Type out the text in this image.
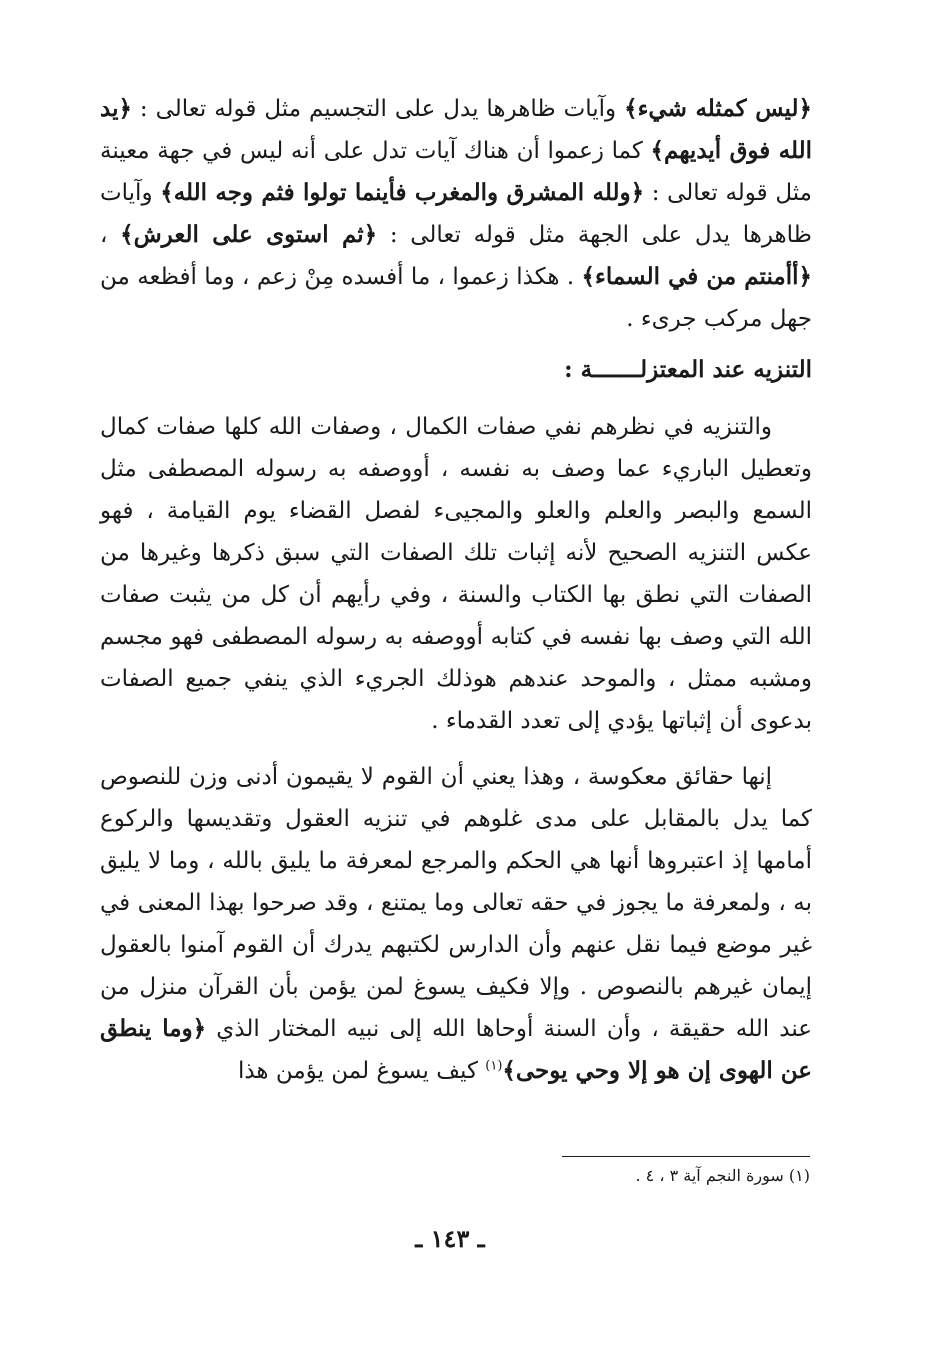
﴿ليس كمثله شيء﴾ وآيات ظاهرها يدل على التجسيم مثل قوله تعالى : ﴿يد الله فوق أيديهم﴾ كما زعموا أن هناك آيات تدل على أنه ليس في جهة معينة مثل قوله تعالى : ﴿ولله المشرق والمغرب فأينما تولوا فثم وجه الله﴾ وآيات ظاهرها يدل على الجهة مثل قوله تعالى : ﴿ثم استوى على العرش﴾ ، ﴿أأمنتم من في السماء﴾ . هكذا زعموا ، ما أفسده مِنْ زعم ، وما أفظعه من جهل مركب جرىء .

التنزيه عند المعتزلـــــــة :

والتنزيه في نظرهم نفي صفات الكمال ، وصفات الله كلها صفات كمال وتعطيل الباريء عما وصف به نفسه ، أووصفه به رسوله المصطفى مثل السمع والبصر والعلم والعلو والمجيىء لفصل القضاء يوم القيامة ، فهو عكس التنزيه الصحيح لأنه إثبات تلك الصفات التي سبق ذكرها وغيرها من الصفات التي نطق بها الكتاب والسنة ، وفي رأيهم أن كل من يثبت صفات الله التي وصف بها نفسه في كتابه أووصفه به رسوله المصطفى فهو مجسم ومشبه ممثل ، والموحد عندهم هوذلك الجريء الذي ينفي جميع الصفات بدعوى أن إثباتها يؤدي إلى تعدد القدماء .

إنها حقائق معكوسة ، وهذا يعني أن القوم لا يقيمون أدنى وزن للنصوص كما يدل بالمقابل على مدى غلوهم في تنزيه العقول وتقديسها والركوع أمامها إذ اعتبروها أنها هي الحكم والمرجع لمعرفة ما يليق بالله ، وما لا يليق به ، ولمعرفة ما يجوز في حقه تعالى وما يمتنع ، وقد صرحوا بهذا المعنى في غير موضع فيما نقل عنهم وأن الدارس لكتبهم يدرك أن القوم آمنوا بالعقول إيمان غيرهم بالنصوص . وإلا فكيف يسوغ لمن يؤمن بأن القرآن منزل من عند الله حقيقة ، وأن السنة أوحاها الله إلى نبيه المختار الذي ﴿وما ينطق عن الهوى إن هو إلا وحي يوحى﴾$^{(١)}$ كيف يسوغ لمن يؤمن هذا

(١) سورة النجم آية ٣ ، ٤ .
ـ ١٤٣ ـ
